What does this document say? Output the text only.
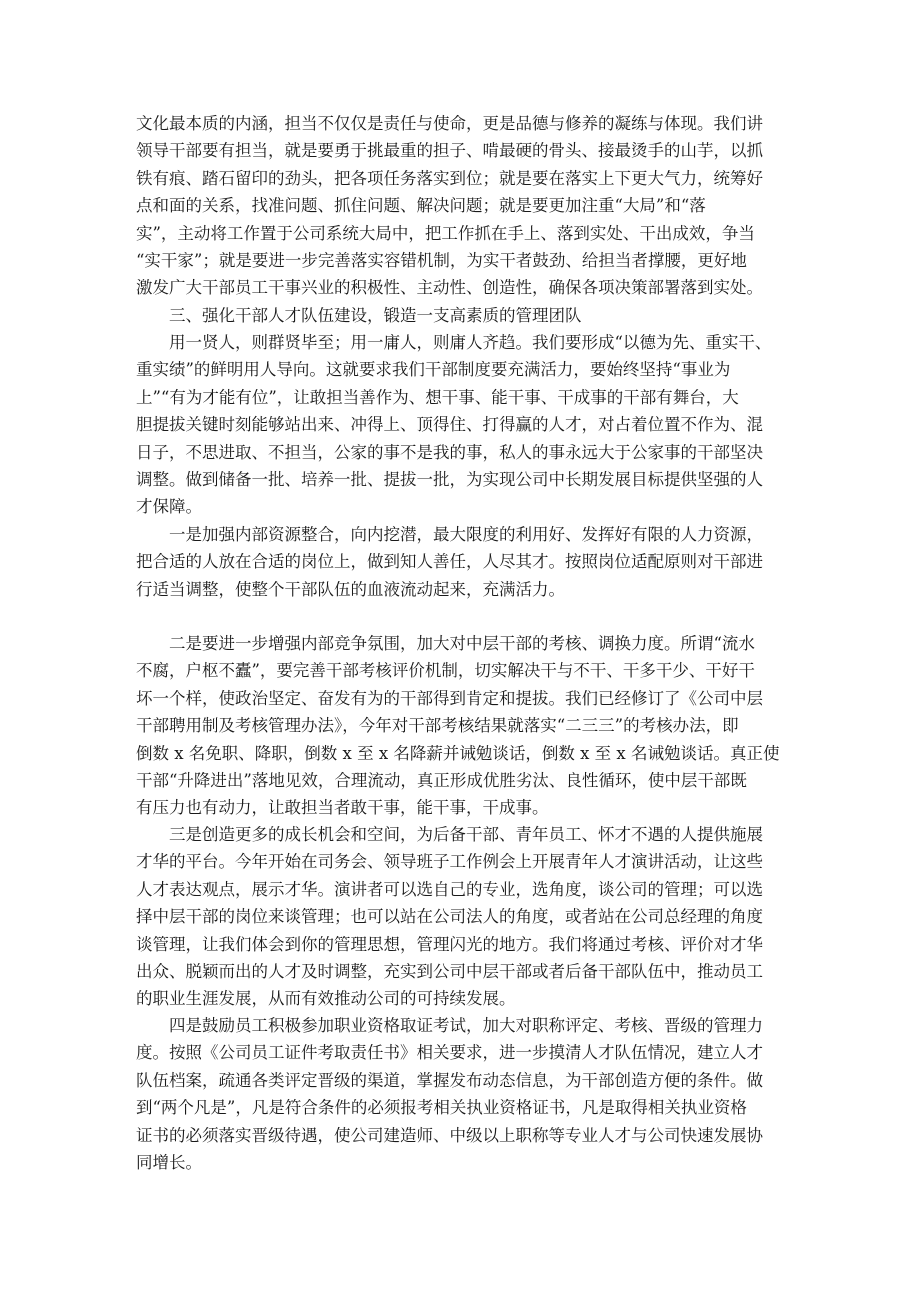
文化最本质的内涵，担当不仅仅是责任与使命，更是品德与修养的凝练与体现。我们讲
领导干部要有担当，就是要勇于挑最重的担子、啃最硬的骨头、接最烫手的山芋，以抓
铁有痕、踏石留印的劲头，把各项任务落实到位；就是要在落实上下更大气力，统筹好
点和面的关系，找准问题、抓住问题、解决问题；就是要更加注重“大局”和“落
实”，主动将工作置于公司系统大局中，把工作抓在手上、落到实处、干出成效，争当
“实干家”；就是要进一步完善落实容错机制，为实干者鼓劲、给担当者撑腰，更好地
激发广大干部员工干事兴业的积极性、主动性、创造性，确保各项决策部署落到实处。
三、强化干部人才队伍建设，锻造一支高素质的管理团队
用一贤人，则群贤毕至；用一庸人，则庸人齐趋。我们要形成“以德为先、重实干、
重实绩”的鲜明用人导向。这就要求我们干部制度要充满活力，要始终坚持“事业为
上”“有为才能有位”，让敢担当善作为、想干事、能干事、干成事的干部有舞台，大
胆提拔关键时刻能够站出来、冲得上、顶得住、打得赢的人才，对占着位置不作为、混
日子，不思进取、不担当，公家的事不是我的事，私人的事永远大于公家事的干部坚决
调整。做到储备一批、培养一批、提拔一批，为实现公司中长期发展目标提供坚强的人
才保障。
一是加强内部资源整合，向内挖潜，最大限度的利用好、发挥好有限的人力资源，
把合适的人放在合适的岗位上，做到知人善任，人尽其才。按照岗位适配原则对干部进
行适当调整，使整个干部队伍的血液流动起来，充满活力。
二是要进一步增强内部竞争氛围，加大对中层干部的考核、调换力度。所谓“流水
不腐，户枢不蠹”，要完善干部考核评价机制，切实解决干与不干、干多干少、干好干
坏一个样，使政治坚定、奋发有为的干部得到肯定和提拔。我们已经修订了《公司中层
干部聘用制及考核管理办法》，今年对干部考核结果就落实“二三三”的考核办法，即
倒数 x 名免职、降职，倒数 x 至 x 名降薪并诫勉谈话，倒数 x 至 x 名诫勉谈话。真正使
干部“升降进出”落地见效，合理流动，真正形成优胜劣汰、良性循环，使中层干部既
有压力也有动力，让敢担当者敢干事，能干事，干成事。
三是创造更多的成长机会和空间，为后备干部、青年员工、怀才不遇的人提供施展
才华的平台。今年开始在司务会、领导班子工作例会上开展青年人才演讲活动，让这些
人才表达观点，展示才华。演讲者可以选自己的专业，选角度，谈公司的管理；可以选
择中层干部的岗位来谈管理；也可以站在公司法人的角度，或者站在公司总经理的角度
谈管理，让我们体会到你的管理思想，管理闪光的地方。我们将通过考核、评价对才华
出众、脱颖而出的人才及时调整，充实到公司中层干部或者后备干部队伍中，推动员工
的职业生涯发展，从而有效推动公司的可持续发展。
四是鼓励员工积极参加职业资格取证考试，加大对职称评定、考核、晋级的管理力
度。按照《公司员工证件考取责任书》相关要求，进一步摸清人才队伍情况，建立人才
队伍档案，疏通各类评定晋级的渠道，掌握发布动态信息，为干部创造方便的条件。做
到“两个凡是”，凡是符合条件的必须报考相关执业资格证书，凡是取得相关执业资格
证书的必须落实晋级待遇，使公司建造师、中级以上职称等专业人才与公司快速发展协
同增长。
